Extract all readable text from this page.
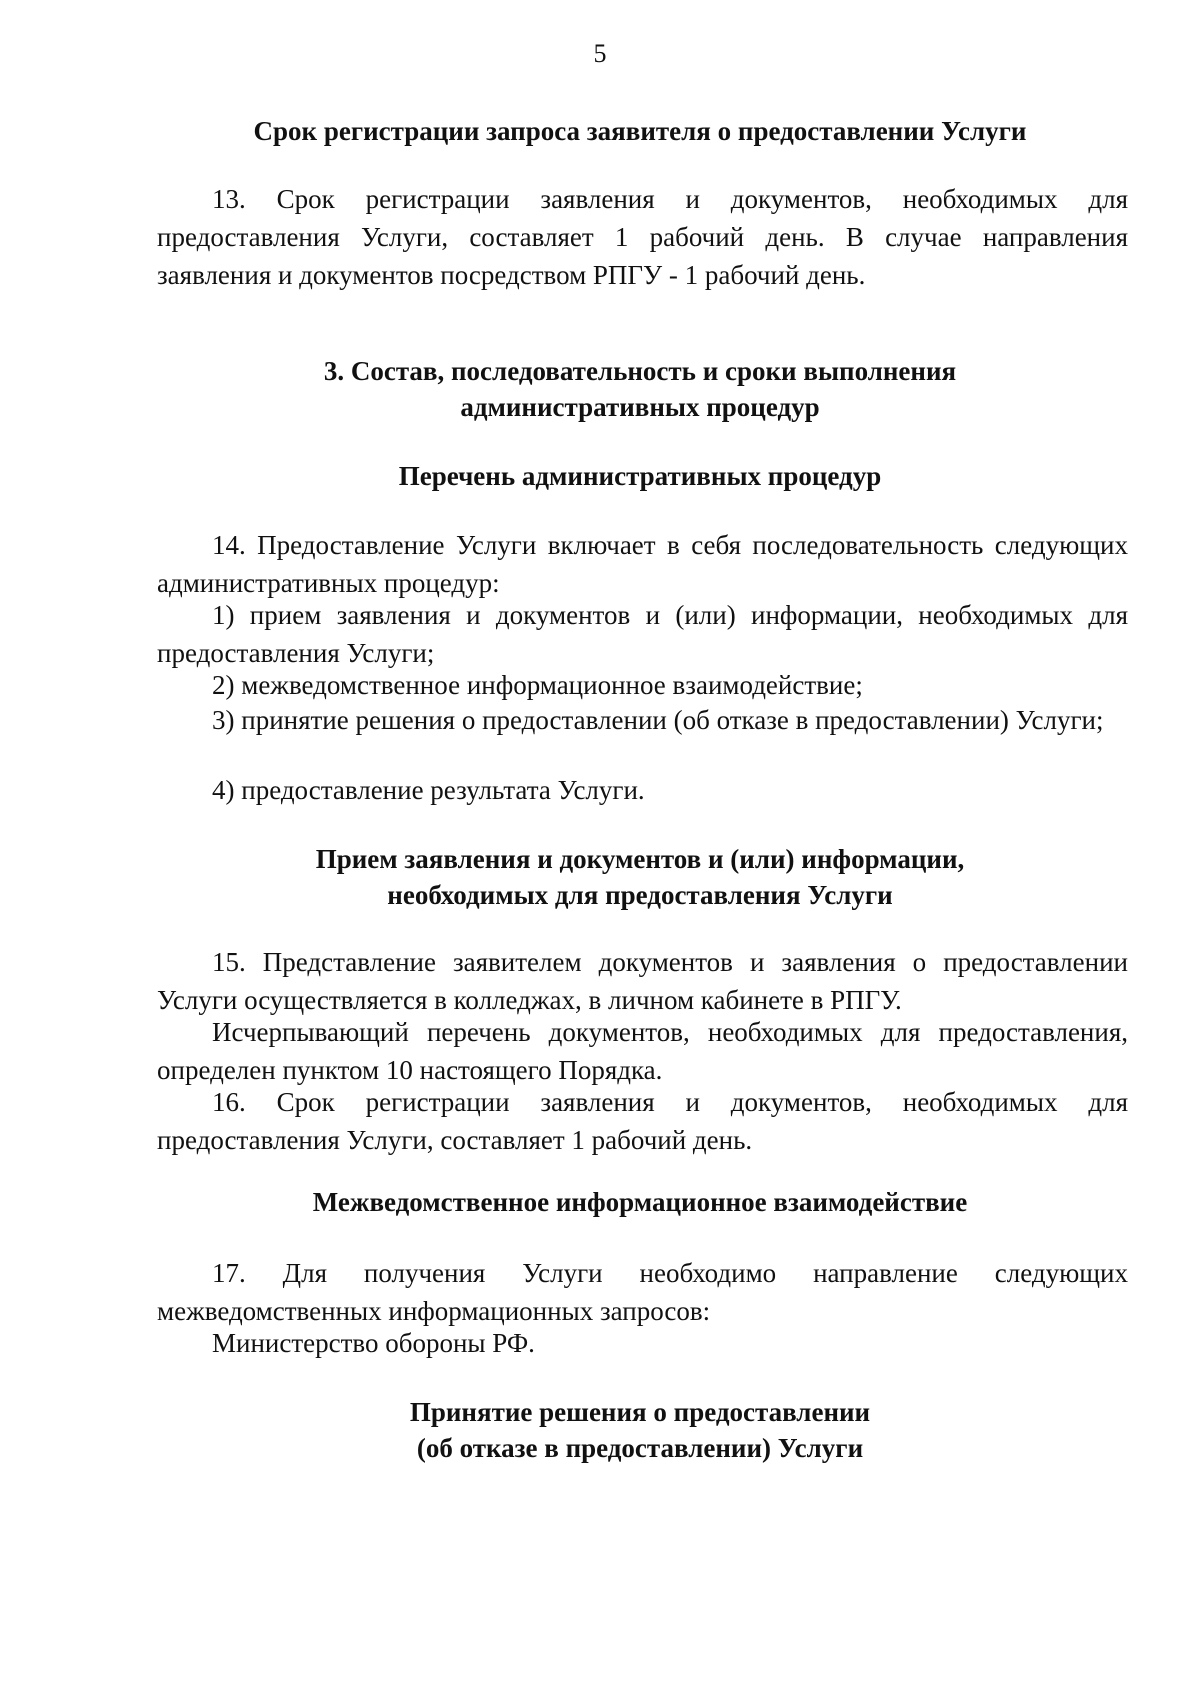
5
Срок регистрации запроса заявителя о предоставлении Услуги
13. Срок регистрации заявления и документов, необходимых для предоставления Услуги, составляет 1 рабочий день. В случае направления заявления и документов посредством РПГУ - 1 рабочий день.
3. Состав, последовательность и сроки выполнения
административных процедур
Перечень административных процедур
14. Предоставление Услуги включает в себя последовательность следующих административных процедур:
1) прием заявления и документов и (или) информации, необходимых для предоставления Услуги;
2) межведомственное информационное взаимодействие;
3) принятие решения о предоставлении (об отказе в предоставлении) Услуги;
4) предоставление результата Услуги.
Прием заявления и документов и (или) информации,
необходимых для предоставления Услуги
15. Представление заявителем документов и заявления о предоставлении Услуги осуществляется в колледжах, в личном кабинете в РПГУ.
Исчерпывающий перечень документов, необходимых для предоставления, определен пунктом 10 настоящего Порядка.
16. Срок регистрации заявления и документов, необходимых для предоставления Услуги, составляет 1 рабочий день.
Межведомственное информационное взаимодействие
17. Для получения Услуги необходимо направление следующих межведомственных информационных запросов:
Министерство обороны РФ.
Принятие решения о предоставлении
(об отказе в предоставлении) Услуги
